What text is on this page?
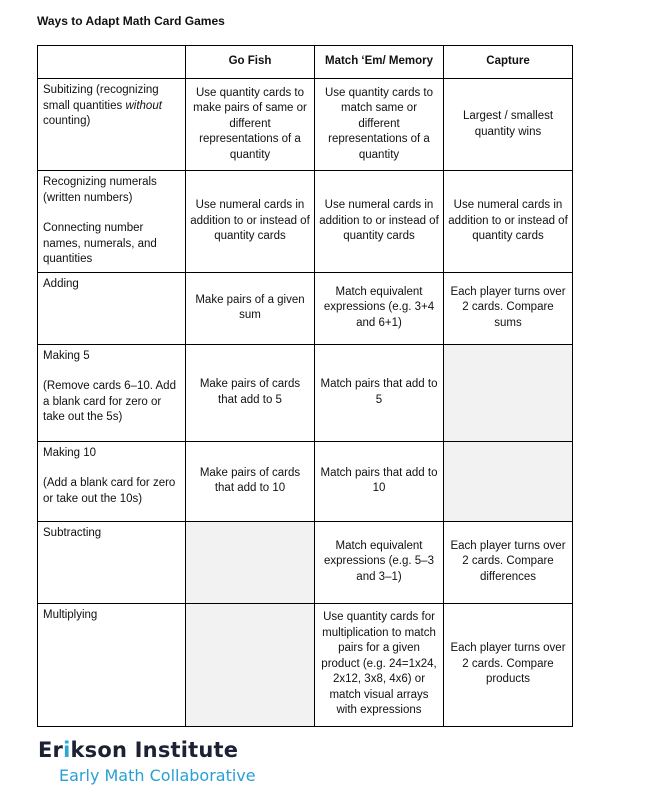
Ways to Adapt Math Card Games
	Go Fish	Match ‘Em/ Memory	Capture
Subitizing (recognizing small quantities without counting)	Use quantity cards to make pairs of same or different representations of a quantity	Use quantity cards to match same or different representations of a quantity	Largest / smallest quantity wins

Recognizing numerals (written numbers)
Connecting number names, numerals, and quantities	Use numeral cards in addition to or instead of quantity cards	Use numeral cards in addition to or instead of quantity cards	Use numeral cards in addition to or instead of quantity cards
Adding	Make pairs of a given sum	Match equivalent expressions (e.g. 3+4 and 6+1)	Each player turns over 2 cards. Compare sums

Making 5
(Remove cards 6–10. Add a blank card for zero or take out the 5s)	Make pairs of cards that add to 5	Match pairs that add to 5	

Making 10
(Add a blank card for zero or take out the 10s)	Make pairs of cards that add to 10	Match pairs that add to 10	
Subtracting		Match equivalent expressions (e.g. 5–3 and 3–1)	Each player turns over 2 cards. Compare differences
Multiplying		Use quantity cards for multiplication to match pairs for a given product (e.g. 24=1x24, 2x12, 3x8, 4x6) or match visual arrays with expressions	Each player turns over 2 cards. Compare products
Erikson Institute
Early Math Collaborative
